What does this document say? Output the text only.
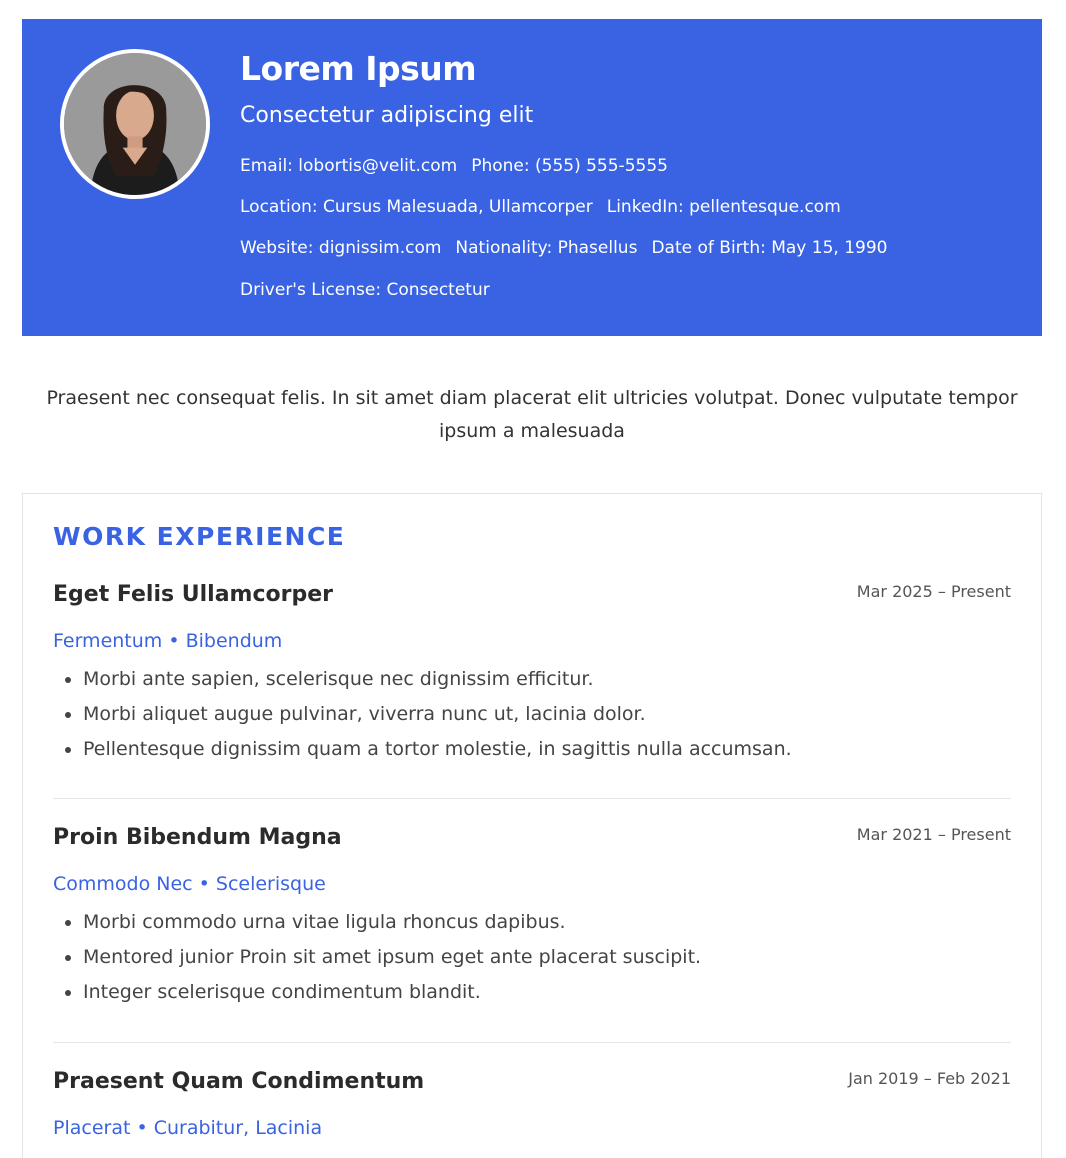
Lorem Ipsum
Consectetur adipiscing elit
Email: lobortis@velit.com Phone: (555) 555-5555
Location: Cursus Malesuada, Ullamcorper LinkedIn: pellentesque.com
Website: dignissim.com Nationality: Phasellus Date of Birth: May 15, 1990
Driver's License: Consectetur
Praesent nec consequat felis. In sit amet diam placerat elit ultricies volutpat. Donec vulputate tempor ipsum a malesuada
WORK EXPERIENCE
Eget Felis Ullamcorper	Mar 2025 – Present
Fermentum • Bibendum
• Morbi ante sapien, scelerisque nec dignissim efficitur.
• Morbi aliquet augue pulvinar, viverra nunc ut, lacinia dolor.
• Pellentesque dignissim quam a tortor molestie, in sagittis nulla accumsan.
Proin Bibendum Magna	Mar 2021 – Present
Commodo Nec • Scelerisque
• Morbi commodo urna vitae ligula rhoncus dapibus.
• Mentored junior Proin sit amet ipsum eget ante placerat suscipit.
• Integer scelerisque condimentum blandit.
Praesent Quam Condimentum	Jan 2019 – Feb 2021
Placerat • Curabitur, Lacinia
